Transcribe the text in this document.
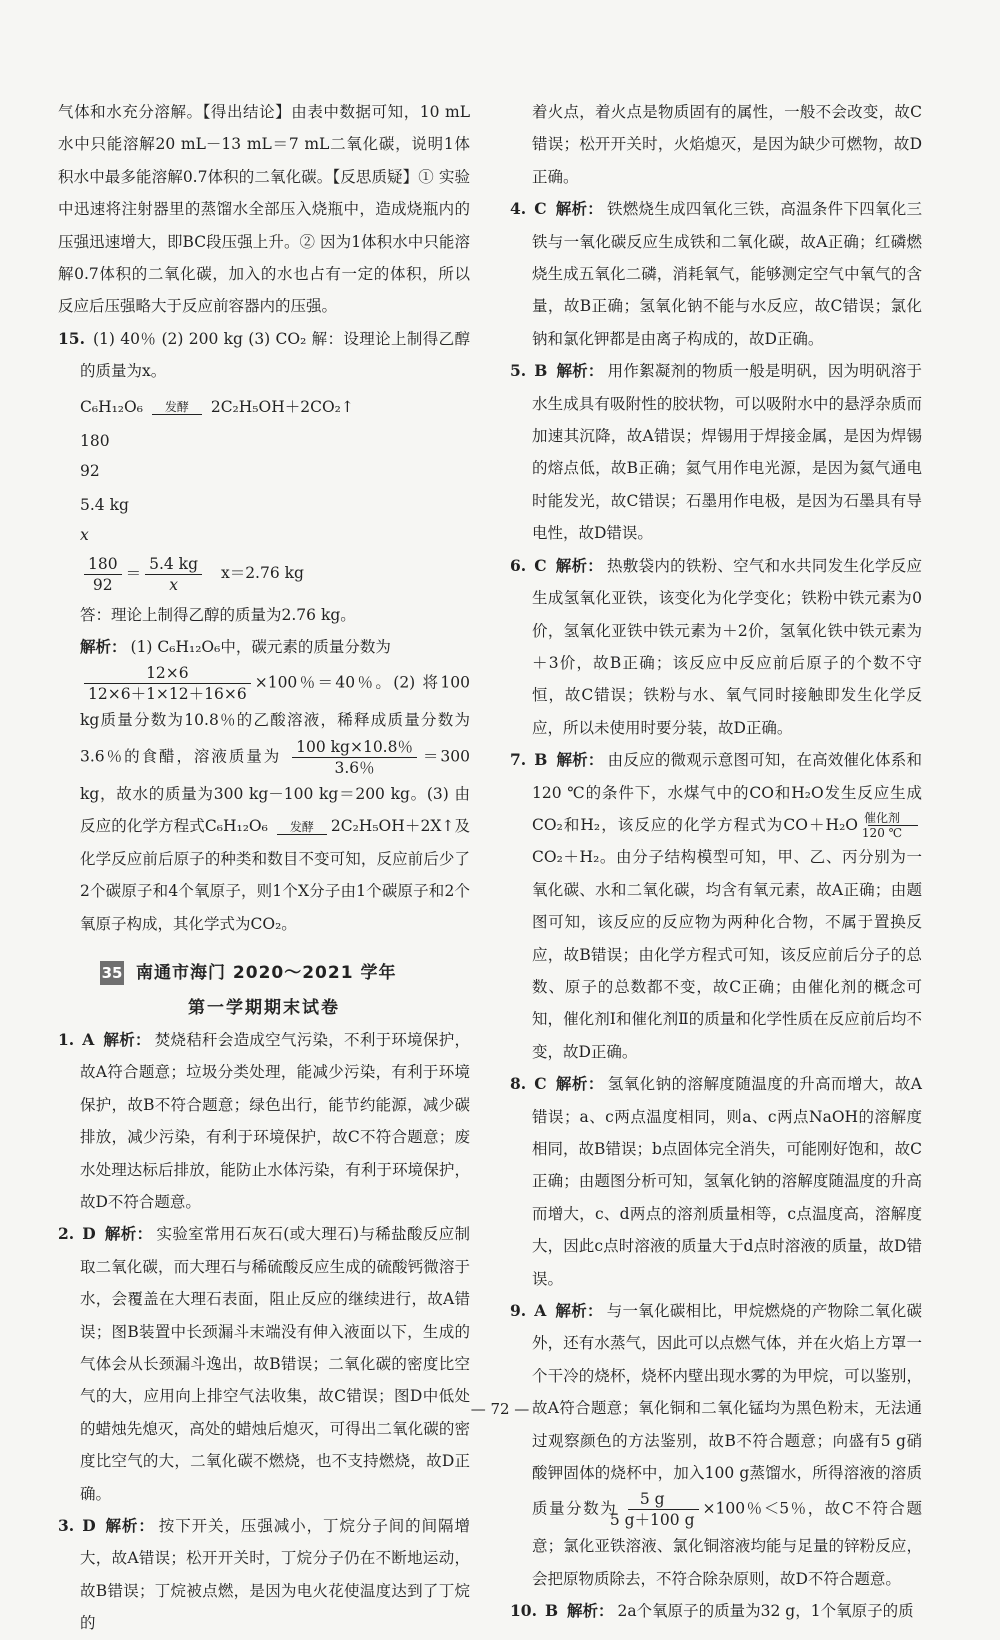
气体和水充分溶解。【得出结论】由表中数据可知，10 mL水中只能溶解20 mL－13 mL＝7 mL二氧化碳，说明1体积水中最多能溶解0.7体积的二氧化碳。【反思质疑】① 实验中迅速将注射器里的蒸馏水全部压入烧瓶中，造成烧瓶内的压强迅速增大，即BC段压强上升。② 因为1体积水中只能溶解0.7体积的二氧化碳，加入的水也占有一定的体积，所以反应后压强略大于反应前容器内的压强。

15. (1) 40％ (2) 200 kg (3) CO₂ 解：设理论上制得乙醇的质量为x。

C₆H₁₂O₆	发酵	2C₂H₅OH＋2CO₂↑
180
92
5.4 kg
x
$\frac{180}{92} = \frac{5.4 kg}{x} x=2.76$ kg

答：理论上制得乙醇的质量为2.76 kg。

解析： (1) C₆H₁₂O₆中，碳元素的质量分数为

$\frac{12\times 6}{12\times 6+1\times 12+16\times 6} \times 100$％＝40％。(2) 将100 kg质量分数为10.8％的乙酸溶液，稀释成质量分数为3.6％的食醋，溶液质量为 $\frac{100 kg\times 10.8\%}{3.6\%} =300$ kg，故水的质量为300 kg－100 kg＝200 kg。(3) 由反应的化学方程式C₆H₁₂O₆	发酵	2C₂H₅OH＋2X↑及化学反应前后原子的种类和数目不变可知，反应前后少了2个碳原子和4个氧原子，则1个X分子由1个碳原子和2个氧原子构成，其化学式为CO₂。

35 南通市海门 2020～2021 学年
第一学期期末试卷

1. A 解析： 焚烧秸秆会造成空气污染，不利于环境保护，故A符合题意；垃圾分类处理，能减少污染，有利于环境保护，故B不符合题意；绿色出行，能节约能源，减少碳排放，减少污染，有利于环境保护，故C不符合题意；废水处理达标后排放，能防止水体污染，有利于环境保护，故D不符合题意。

2. D 解析： 实验室常用石灰石(或大理石)与稀盐酸反应制取二氧化碳，而大理石与稀硫酸反应生成的硫酸钙微溶于水，会覆盖在大理石表面，阻止反应的继续进行，故A错误；图B装置中长颈漏斗末端没有伸入液面以下，生成的气体会从长颈漏斗逸出，故B错误；二氧化碳的密度比空气的大，应用向上排空气法收集，故C错误；图D中低处的蜡烛先熄灭，高处的蜡烛后熄灭，可得出二氧化碳的密度比空气的大，二氧化碳不燃烧，也不支持燃烧，故D正确。

3. D 解析： 按下开关，压强减小，丁烷分子间的间隔增大，故A错误；松开开关时，丁烷分子仍在不断地运动，故B错误；丁烷被点燃，是因为电火花使温度达到了丁烷的

着火点，着火点是物质固有的属性，一般不会改变，故C错误；松开开关时，火焰熄灭，是因为缺少可燃物，故D正确。

4. C 解析： 铁燃烧生成四氧化三铁，高温条件下四氧化三铁与一氧化碳反应生成铁和二氧化碳，故A正确；红磷燃烧生成五氧化二磷，消耗氧气，能够测定空气中氧气的含量，故B正确；氢氧化钠不能与水反应，故C错误；氯化钠和氯化钾都是由离子构成的，故D正确。

5. B 解析： 用作絮凝剂的物质一般是明矾，因为明矾溶于水生成具有吸附性的胶状物，可以吸附水中的悬浮杂质而加速其沉降，故A错误；焊锡用于焊接金属，是因为焊锡的熔点低，故B正确；氦气用作电光源，是因为氦气通电时能发光，故C错误；石墨用作电极，是因为石墨具有导电性，故D错误。

6. C 解析： 热敷袋内的铁粉、空气和水共同发生化学反应生成氢氧化亚铁，该变化为化学变化；铁粉中铁元素为0价，氢氧化亚铁中铁元素为＋2价，氢氧化铁中铁元素为＋3价，故B正确；该反应中反应前后原子的个数不守恒，故C错误；铁粉与水、氧气同时接触即发生化学反应，所以未使用时要分装，故D正确。

7. B 解析： 由反应的微观示意图可知，在高效催化体系和120 ℃的条件下，水煤气中的CO和H₂O发生反应生成CO₂和H₂，该反应的化学方程式为CO＋H₂O 催化剂
120 ℃
CO₂＋H₂。由分子结构模型可知，甲、乙、丙分别为一氧化碳、水和二氧化碳，均含有氧元素，故A正确；由题图可知，该反应的反应物为两种化合物，不属于置换反应，故B错误；由化学方程式可知，该反应前后分子的总数、原子的总数都不变，故C正确；由催化剂的概念可知，催化剂Ⅰ和催化剂Ⅱ的质量和化学性质在反应前后均不变，故D正确。

8. C 解析： 氢氧化钠的溶解度随温度的升高而增大，故A错误；a、c两点温度相同，则a、c两点NaOH的溶解度相同，故B错误；b点固体完全消失，可能刚好饱和，故C正确；由题图分析可知，氢氧化钠的溶解度随温度的升高而增大，c、d两点的溶剂质量相等，c点温度高，溶解度大，因此c点时溶液的质量大于d点时溶液的质量，故D错误。

9. A 解析： 与一氧化碳相比，甲烷燃烧的产物除二氧化碳外，还有水蒸气，因此可以点燃气体，并在火焰上方罩一个干冷的烧杯，烧杯内壁出现水雾的为甲烷，可以鉴别，故A符合题意；氧化铜和二氧化锰均为黑色粉末，无法通过观察颜色的方法鉴别，故B不符合题意；向盛有5 g硝酸钾固体的烧杯中，加入100 g蒸馏水，所得溶液的溶质质量分数为 $\frac{5 g}{5 g+100 g} \times 100$％＜5％，故C不符合题意；氯化亚铁溶液、氯化铜溶液均能与足量的锌粉反应，会把原物质除去，不符合除杂原则，故D不符合题意。

10. B 解析： 2a个氧原子的质量为32 g，1个氧原子的质

— 72 —
